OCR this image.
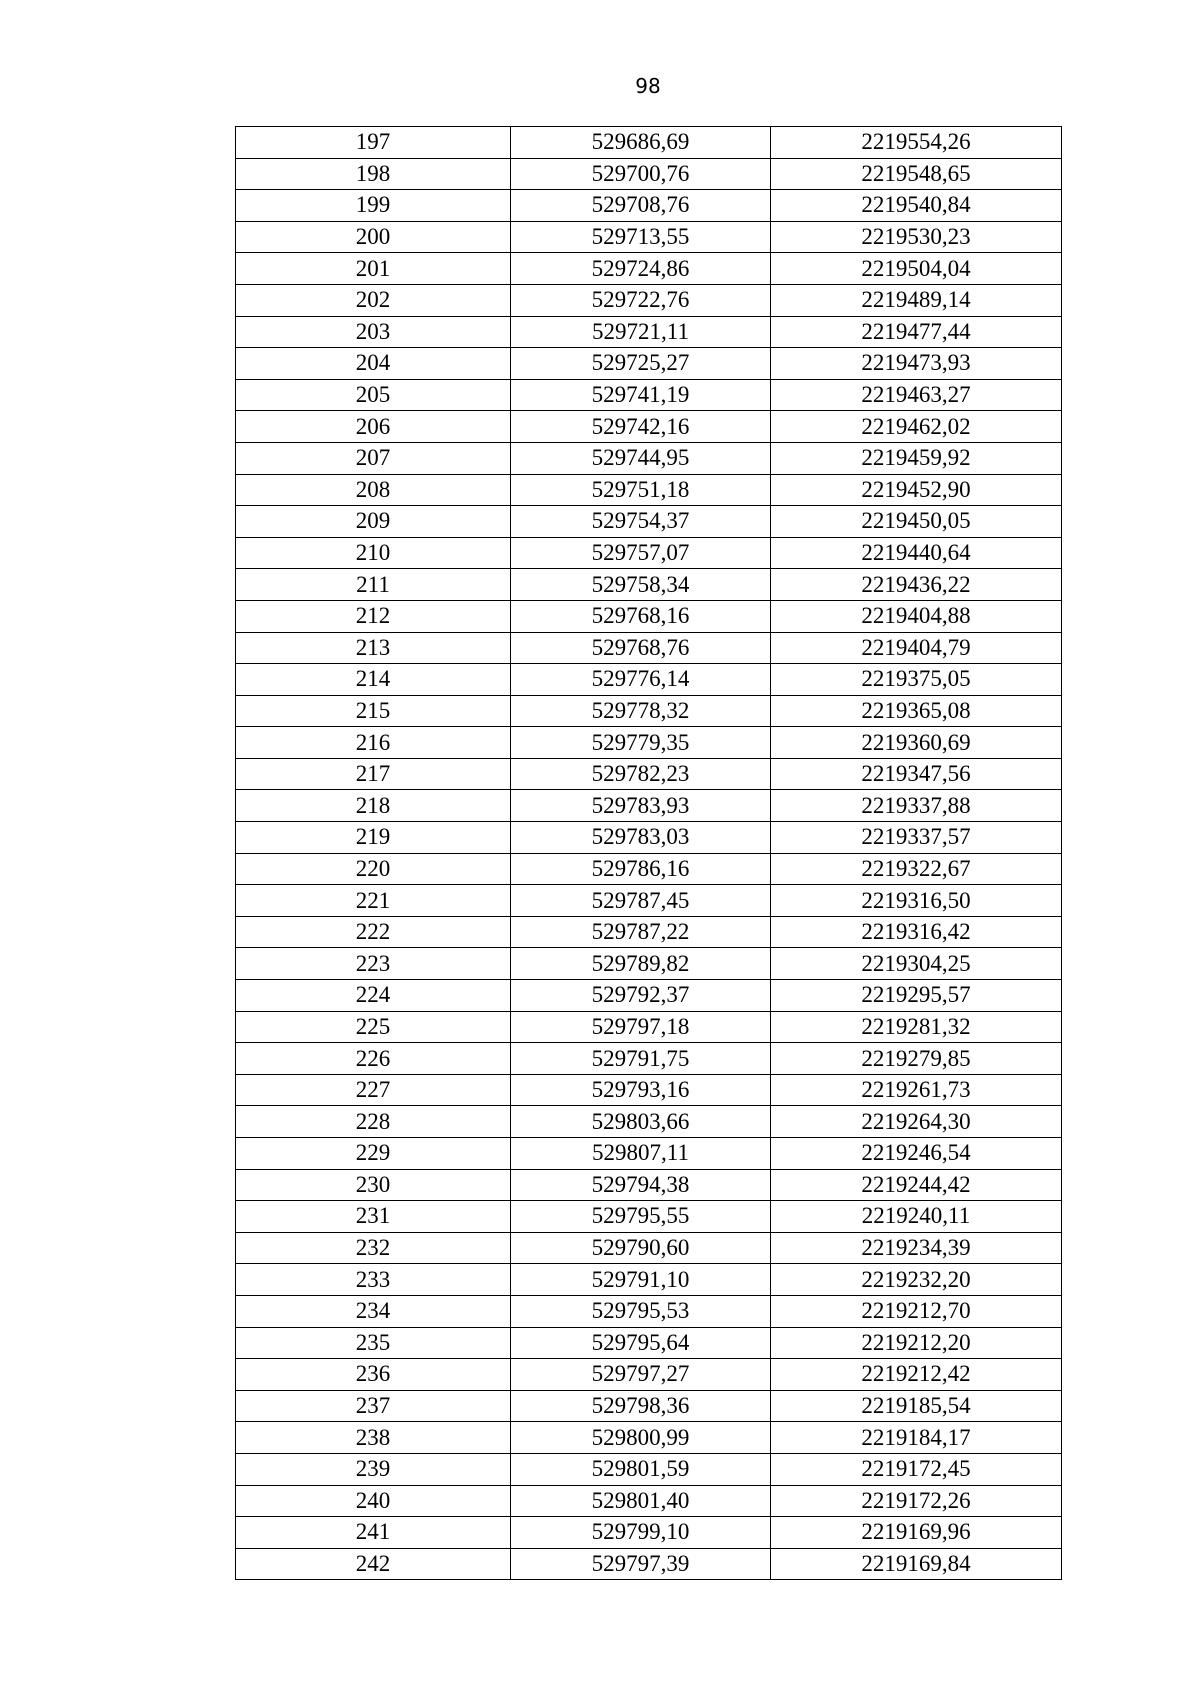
98
197	529686,69	2219554,26
198	529700,76	2219548,65
199	529708,76	2219540,84
200	529713,55	2219530,23
201	529724,86	2219504,04
202	529722,76	2219489,14
203	529721,11	2219477,44
204	529725,27	2219473,93
205	529741,19	2219463,27
206	529742,16	2219462,02
207	529744,95	2219459,92
208	529751,18	2219452,90
209	529754,37	2219450,05
210	529757,07	2219440,64
211	529758,34	2219436,22
212	529768,16	2219404,88
213	529768,76	2219404,79
214	529776,14	2219375,05
215	529778,32	2219365,08
216	529779,35	2219360,69
217	529782,23	2219347,56
218	529783,93	2219337,88
219	529783,03	2219337,57
220	529786,16	2219322,67
221	529787,45	2219316,50
222	529787,22	2219316,42
223	529789,82	2219304,25
224	529792,37	2219295,57
225	529797,18	2219281,32
226	529791,75	2219279,85
227	529793,16	2219261,73
228	529803,66	2219264,30
229	529807,11	2219246,54
230	529794,38	2219244,42
231	529795,55	2219240,11
232	529790,60	2219234,39
233	529791,10	2219232,20
234	529795,53	2219212,70
235	529795,64	2219212,20
236	529797,27	2219212,42
237	529798,36	2219185,54
238	529800,99	2219184,17
239	529801,59	2219172,45
240	529801,40	2219172,26
241	529799,10	2219169,96
242	529797,39	2219169,84
